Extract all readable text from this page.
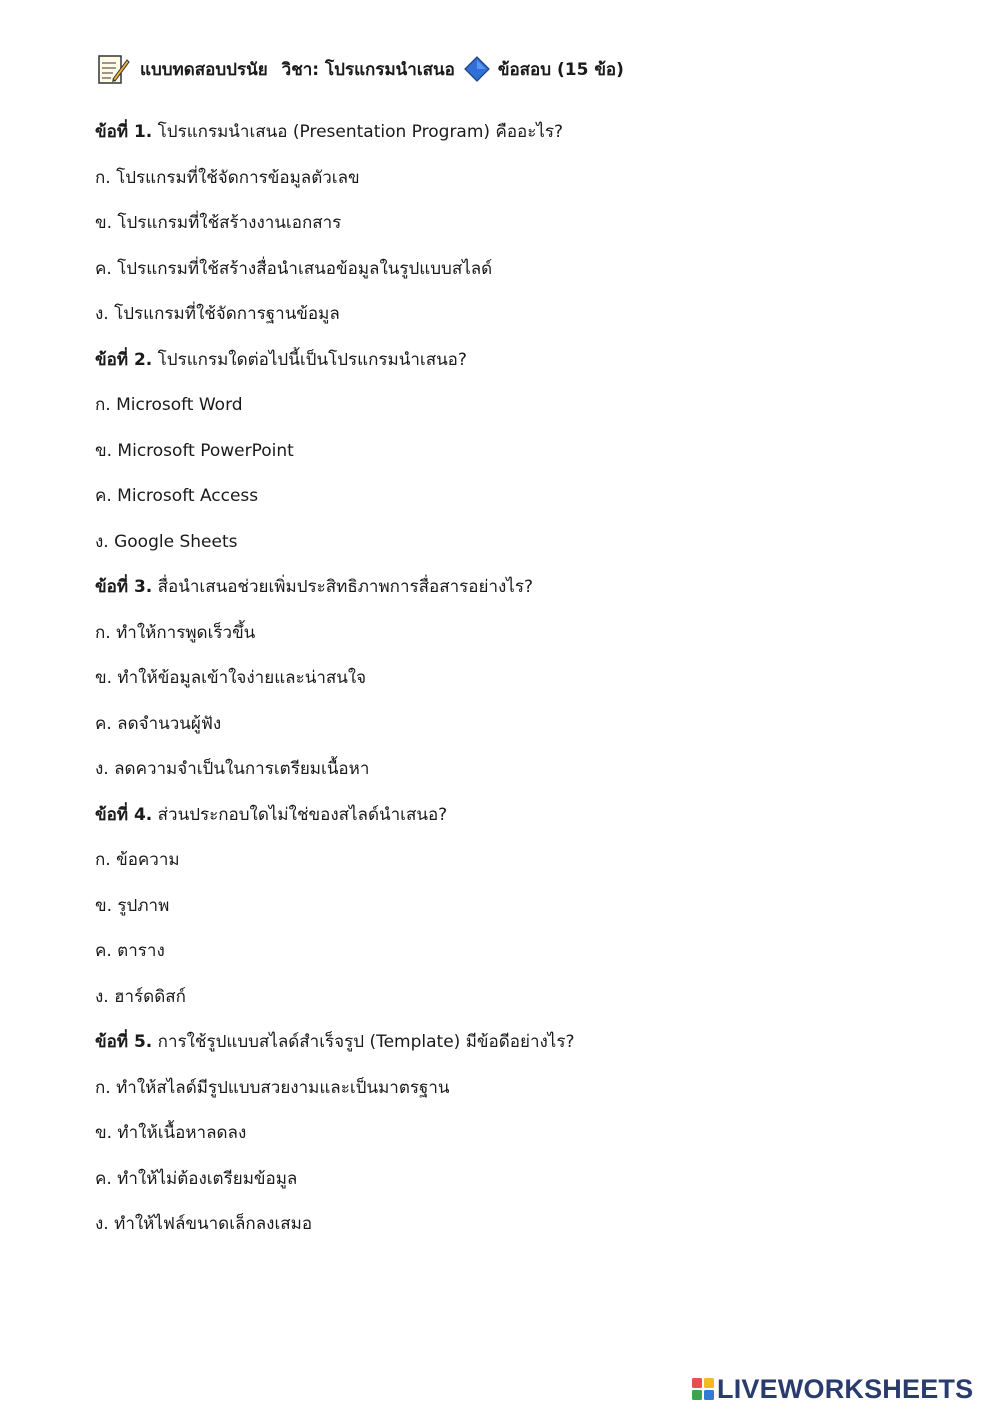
แบบทดสอบปรนัย วิชา: โปรแกรมนำเสนอ	ข้อสอบ (15 ข้อ)
ข้อที่ 1. โปรแกรมนำเสนอ (Presentation Program) คืออะไร?
ก. โปรแกรมที่ใช้จัดการข้อมูลตัวเลข
ข. โปรแกรมที่ใช้สร้างงานเอกสาร
ค. โปรแกรมที่ใช้สร้างสื่อนำเสนอข้อมูลในรูปแบบสไลด์
ง. โปรแกรมที่ใช้จัดการฐานข้อมูล
ข้อที่ 2. โปรแกรมใดต่อไปนี้เป็นโปรแกรมนำเสนอ?
ก. Microsoft Word
ข. Microsoft PowerPoint
ค. Microsoft Access
ง. Google Sheets
ข้อที่ 3. สื่อนำเสนอช่วยเพิ่มประสิทธิภาพการสื่อสารอย่างไร?
ก. ทำให้การพูดเร็วขึ้น
ข. ทำให้ข้อมูลเข้าใจง่ายและน่าสนใจ
ค. ลดจำนวนผู้ฟัง
ง. ลดความจำเป็นในการเตรียมเนื้อหา
ข้อที่ 4. ส่วนประกอบใดไม่ใช่ของสไลด์นำเสนอ?
ก. ข้อความ
ข. รูปภาพ
ค. ตาราง
ง. ฮาร์ดดิสก์
ข้อที่ 5. การใช้รูปแบบสไลด์สำเร็จรูป (Template) มีข้อดีอย่างไร?
ก. ทำให้สไลด์มีรูปแบบสวยงามและเป็นมาตรฐาน
ข. ทำให้เนื้อหาลดลง
ค. ทำให้ไม่ต้องเตรียมข้อมูล
ง. ทำให้ไฟล์ขนาดเล็กลงเสมอ
LIVEWORKSHEETS
